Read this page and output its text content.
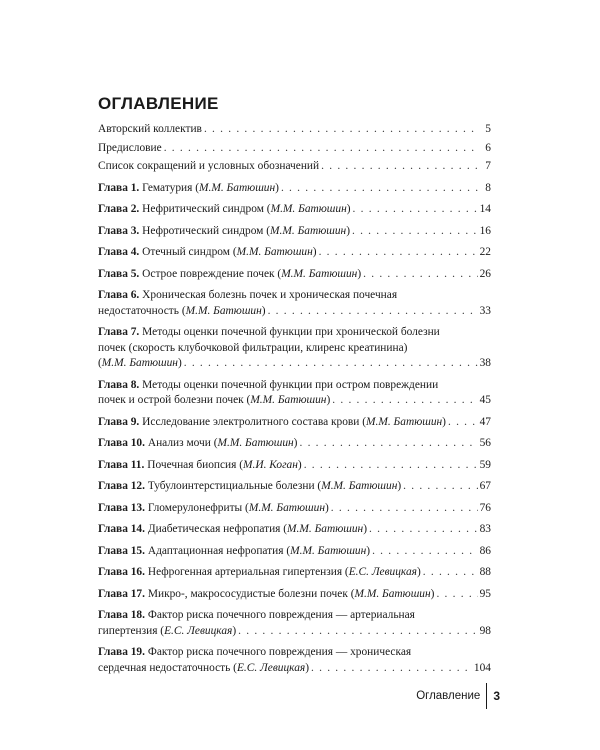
ОГЛАВЛЕНИЕ
Авторский коллектив . . .	5
Предисловие . . .	6
Список сокращений и условных обозначений . . .	7
Глава 1. Гематурия (М.М. Батюшин) . . .	8
Глава 2. Нефритический синдром (М.М. Батюшин) . . .	14
Глава 3. Нефротический синдром (М.М. Батюшин) . . .	16
Глава 4. Отечный синдром (М.М. Батюшин) . . .	22
Глава 5. Острое повреждение почек (М.М. Батюшин) . . .	26
Глава 6. Хроническая болезнь почек и хроническая почечная
недостаточность (М.М. Батюшин) . . .	33
Глава 7. Методы оценки почечной функции при хронической болезни
почек (скорость клубочковой фильтрации, клиренс креатинина)
(М.М. Батюшин) . . .	38
Глава 8. Методы оценки почечной функции при остром повреждении
почек и острой болезни почек (М.М. Батюшин) . . .	45
Глава 9. Исследование электролитного состава крови (М.М. Батюшин) . . .	47
Глава 10. Анализ мочи (М.М. Батюшин) . . .	56
Глава 11. Почечная биопсия (М.И. Коган) . . .	59
Глава 12. Тубулоинтерстициальные болезни (М.М. Батюшин) . . .	67
Глава 13. Гломерулонефриты (М.М. Батюшин) . . .	76
Глава 14. Диабетическая нефропатия (М.М. Батюшин) . . .	83
Глава 15. Адаптационная нефропатия (М.М. Батюшин) . . .	86
Глава 16. Нефрогенная артериальная гипертензия (Е.С. Левицкая) . . .	88
Глава 17. Микро-, макрососудистые болезни почек (М.М. Батюшин) . . .	95
Глава 18. Фактор риска почечного повреждения — артериальная
гипертензия (Е.С. Левицкая) . . .	98
Глава 19. Фактор риска почечного повреждения — хроническая
сердечная недостаточность (Е.С. Левицкая) . . .	104
Оглавление	3
